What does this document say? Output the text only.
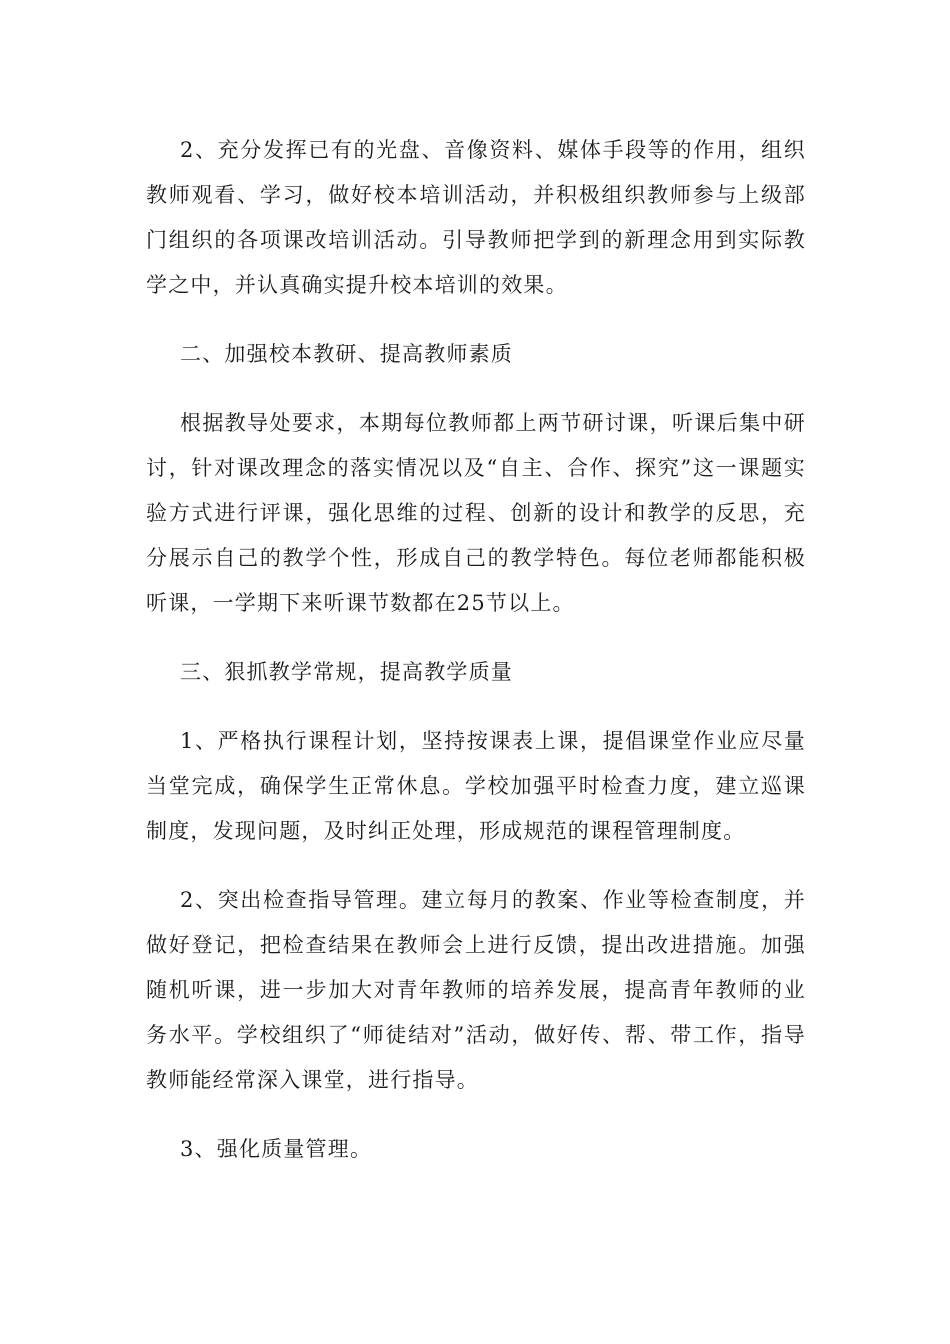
2、充分发挥已有的光盘、音像资料、媒体手段等的作用，组织教师观看、学习，做好校本培训活动，并积极组织教师参与上级部门组织的各项课改培训活动。引导教师把学到的新理念用到实际教学之中，并认真确实提升校本培训的效果。

二、加强校本教研、提高教师素质

根据教导处要求，本期每位教师都上两节研讨课，听课后集中研讨，针对课改理念的落实情况以及“自主、合作、探究”这一课题实验方式进行评课，强化思维的过程、创新的设计和教学的反思，充分展示自己的教学个性，形成自己的教学特色。每位老师都能积极听课，一学期下来听课节数都在25节以上。

三、狠抓教学常规，提高教学质量

1、严格执行课程计划，坚持按课表上课，提倡课堂作业应尽量当堂完成，确保学生正常休息。学校加强平时检查力度，建立巡课制度，发现问题，及时纠正处理，形成规范的课程管理制度。

2、突出检查指导管理。建立每月的教案、作业等检查制度，并做好登记，把检查结果在教师会上进行反馈，提出改进措施。加强随机听课，进一步加大对青年教师的培养发展，提高青年教师的业务水平。学校组织了“师徒结对”活动，做好传、帮、带工作，指导教师能经常深入课堂，进行指导。

3、强化质量管理。
